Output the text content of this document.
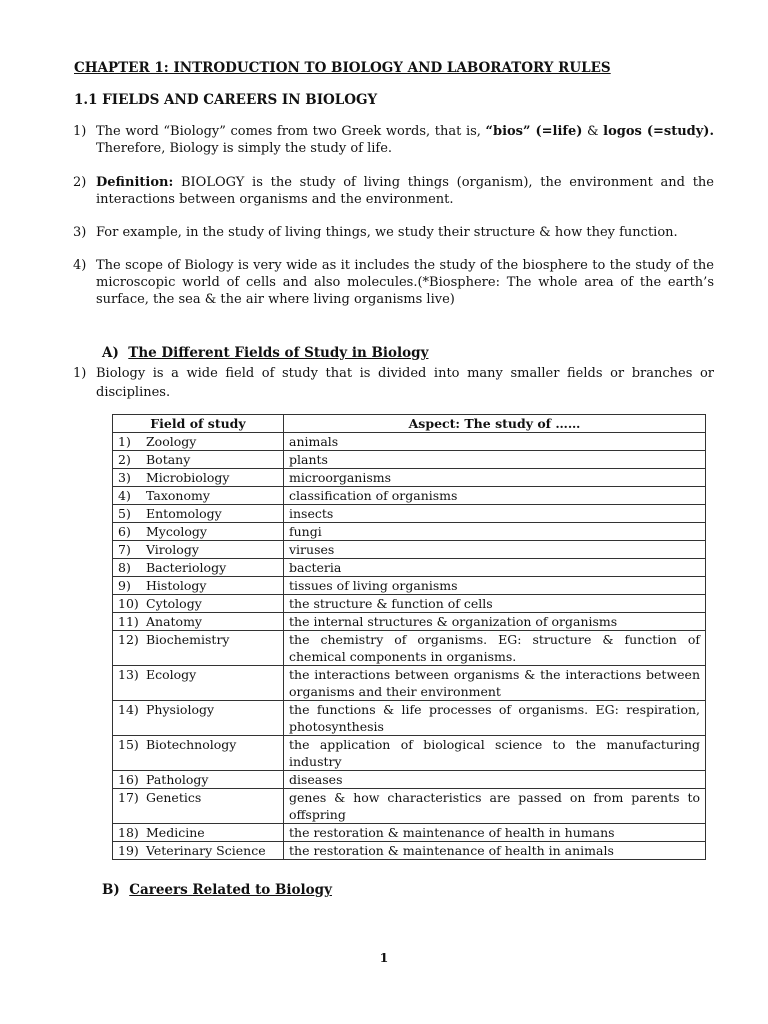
CHAPTER 1: INTRODUCTION TO BIOLOGY AND LABORATORY RULES
1.1 FIELDS AND CAREERS IN BIOLOGY
1) The word “Biology” comes from two Greek words, that is, “bios” (=life) & logos (=study). Therefore, Biology is simply the study of life.
2) Definition: BIOLOGY is the study of living things (organism), the environment and the interactions between organisms and the environment.
3) For example, in the study of living things, we study their structure & how they function.
4) The scope of Biology is very wide as it includes the study of the biosphere to the study of the microscopic world of cells and also molecules.(*Biosphere: The whole area of the earth’s surface, the sea & the air where living organisms live)
A) The Different Fields of Study in Biology
1) Biology is a wide field of study that is divided into many smaller fields or branches or disciplines.
Field of study	Aspect: The study of ……
1) Zoology	animals
2) Botany	plants
3) Microbiology	microorganisms
4) Taxonomy	classification of organisms
5) Entomology	insects
6) Mycology	fungi
7) Virology	viruses
8) Bacteriology	bacteria
9) Histology	tissues of living organisms
10) Cytology	the structure & function of cells
11) Anatomy	the internal structures & organization of organisms
12) Biochemistry	the chemistry of organisms. EG: structure & function of chemical components in organisms.
13) Ecology	the interactions between organisms & the interactions between organisms and their environment
14) Physiology	the functions & life processes of organisms. EG: respiration, photosynthesis
15) Biotechnology	the application of biological science to the manufacturing industry
16) Pathology	diseases
17) Genetics	genes & how characteristics are passed on from parents to offspring
18) Medicine	the restoration & maintenance of health in humans
19) Veterinary Science	the restoration & maintenance of health in animals
B) Careers Related to Biology
1
